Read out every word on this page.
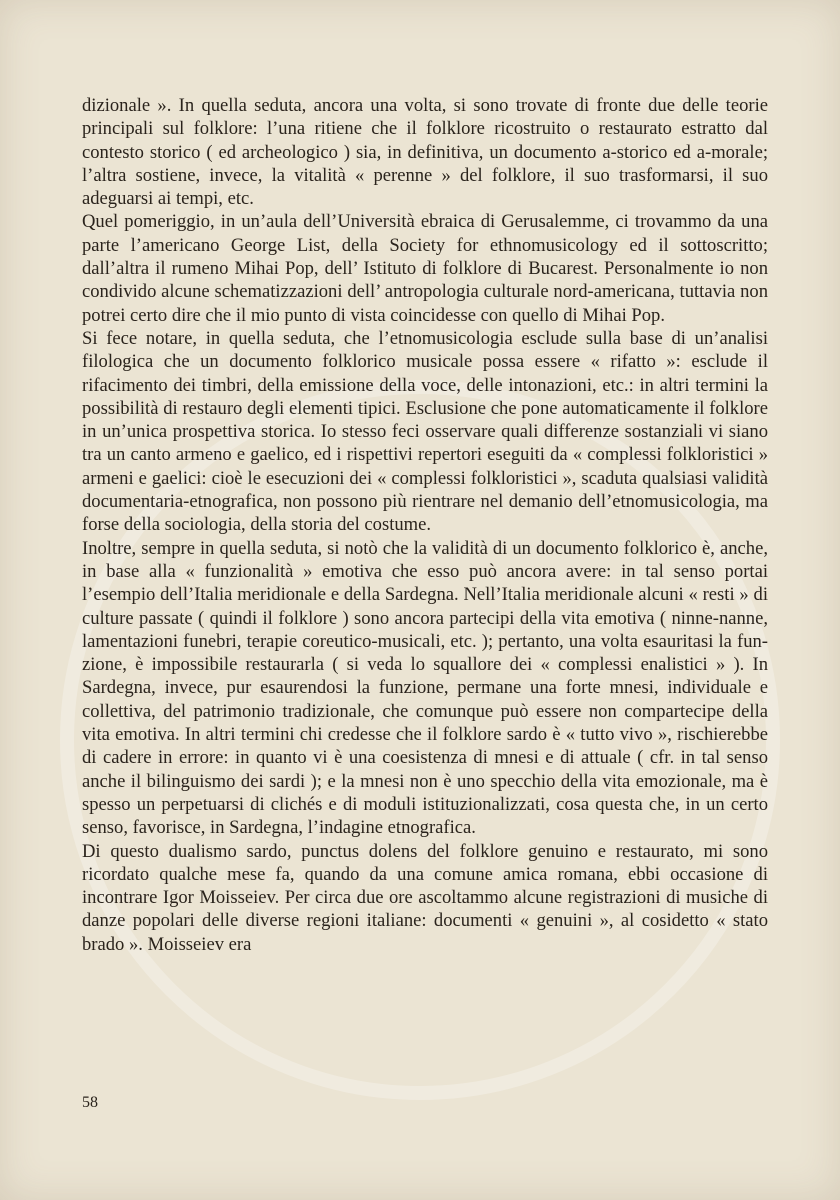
dizionale ». In quella seduta, ancora una volta, si sono trovate di fronte due delle teorie principali sul folklore: l’una ritiene che il folklore ricostruito o restaurato estratto dal contesto storico ( ed archeologico ) sia, in definitiva, un documento a-storico ed a-morale; l’altra sostiene, invece, la vitalità « perenne » del folklore, il suo trasformarsi, il suo adeguarsi ai tempi, etc.

Quel pomeriggio, in un’aula dell’Università ebraica di Gerusalemme, ci trovammo da una parte l’americano George List, della Society for ethnomusicology ed il sottoscritto; dall’altra il rumeno Mihai Pop, dell’ Istituto di folklore di Bucarest. Personalmente io non condivido alcune schematizzazioni dell’ antropologia culturale nord-americana, tuttavia non potrei certo dire che il mio punto di vista coincidesse con quello di Mihai Pop.

Si fece notare, in quella seduta, che l’etnomusicologia esclude sulla base di un’analisi filologica che un documento folklorico musicale possa essere « rifatto »: esclude il rifacimento dei timbri, della emissione della voce, delle intonazioni, etc.: in altri termini la possibilità di restauro degli elementi tipici. Esclusione che pone automaticamente il folklore in un’unica prospettiva storica. Io stesso feci osservare quali differenze sostanziali vi siano tra un canto armeno e gaelico, ed i rispettivi repertori eseguiti da « complessi folkloristici » armeni e gaelici: cioè le esecuzioni dei « complessi folkloristici », scaduta qualsiasi validità documentaria-etnografica, non possono più rientrare nel demanio dell’etnomusicologia, ma forse della sociologia, della storia del costume.

Inoltre, sempre in quella seduta, si notò che la validità di un documento folklorico è, anche, in base alla « funzionalità » emotiva che esso può ancora avere: in tal senso portai l’esempio dell’Italia meridionale e della Sardegna. Nell’Italia meridionale alcuni « resti » di culture passate ( quindi il folklore ) sono ancora partecipi della vita emotiva ( ninne-nanne, lamentazioni funebri, terapie coreutico-musicali, etc. ); pertanto, una volta esauritasi la funzione, è impossibile restaurarla ( si veda lo squallore dei « complessi enalistici » ). In Sardegna, invece, pur esaurendosi la funzione, permane una forte mnesi, individuale e collettiva, del patrimonio tradizionale, che comunque può essere non compartecipe della vita emotiva. In altri termini chi credesse che il folklore sardo è « tutto vivo », rischierebbe di cadere in errore: in quanto vi è una coesistenza di mnesi e di attuale ( cfr. in tal senso anche il bilinguismo dei sardi ); e la mnesi non è uno specchio della vita emozionale, ma è spesso un perpetuarsi di clichés e di moduli istituzionalizzati, cosa questa che, in un certo senso, favorisce, in Sardegna, l’indagine etnografica.

Di questo dualismo sardo, punctus dolens del folklore genuino e restaurato, mi sono ricordato qualche mese fa, quando da una comune amica romana, ebbi occasione di incontrare Igor Moisseiev. Per circa due ore ascoltammo alcune registrazioni di musiche di danze popolari delle diverse regioni italiane: documenti « genuini », al cosidetto « stato brado ». Moisseiev era

58
